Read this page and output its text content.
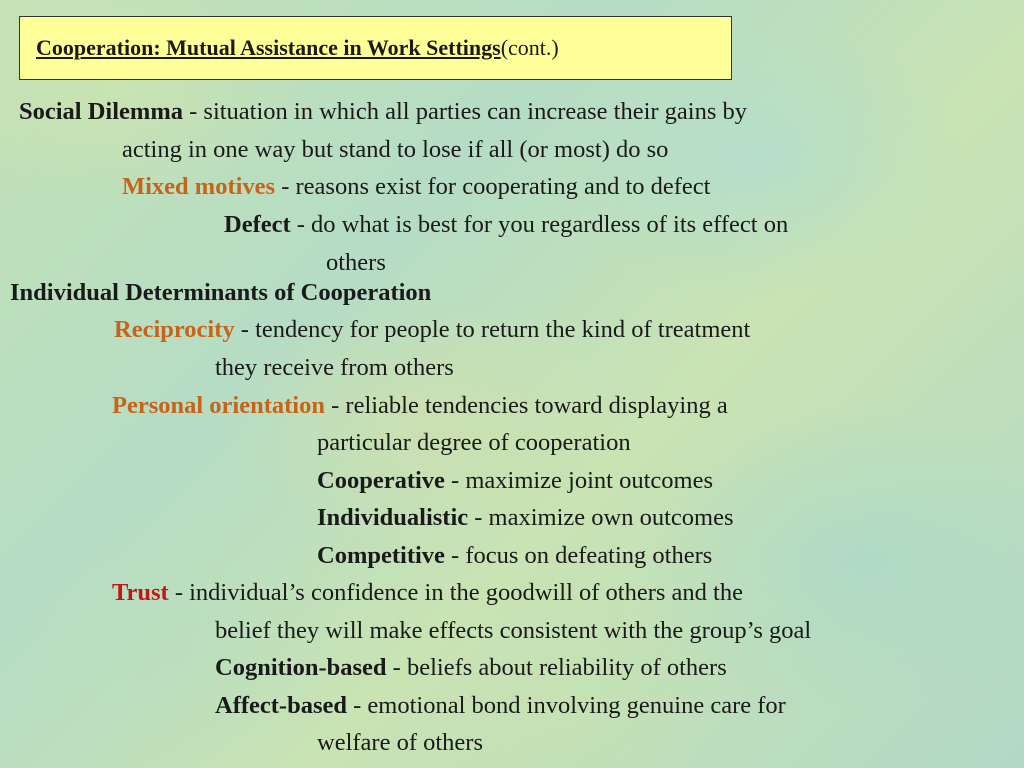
Cooperation: Mutual Assistance in Work Settings(cont.)
Social Dilemma - situation in which all parties can increase their gains by
acting in one way but stand to lose if all (or most) do so
Mixed motives - reasons exist for cooperating and to defect
Defect - do what is best for you regardless of its effect on
others
Individual Determinants of Cooperation
Reciprocity - tendency for people to return the kind of treatment
they receive from others
Personal orientation - reliable tendencies toward displaying a
particular degree of cooperation
Cooperative - maximize joint outcomes
Individualistic - maximize own outcomes
Competitive - focus on defeating others
Trust - individual’s confidence in the goodwill of others and the
belief they will make effects consistent with the group’s goal
Cognition-based - beliefs about reliability of others
Affect-based - emotional bond involving genuine care for
welfare of others
